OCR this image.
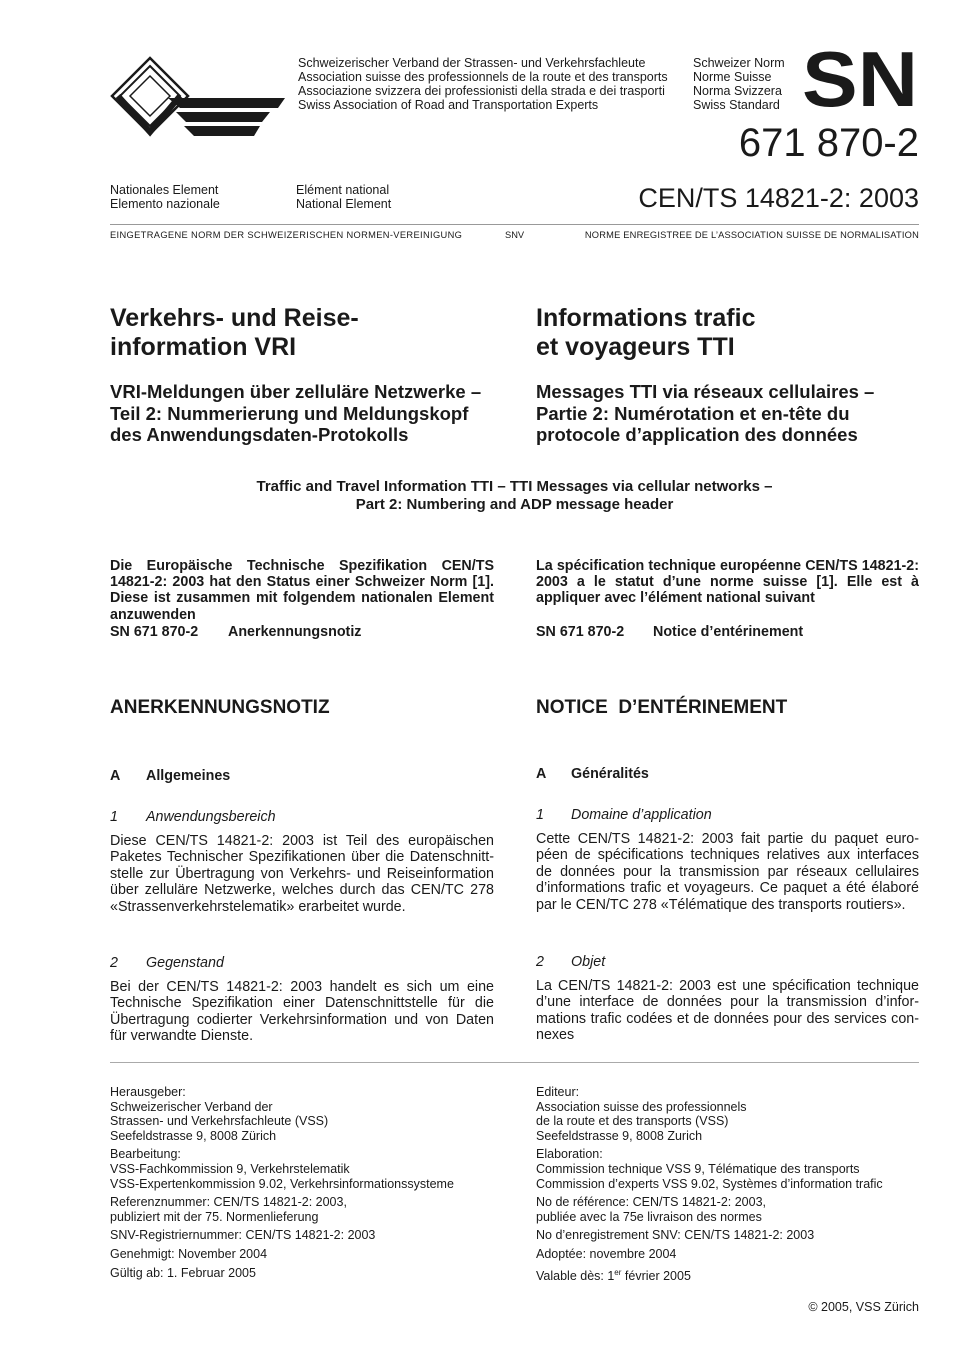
Schweizerischer Verband der Strassen- und Verkehrsfachleute
Association suisse des professionnels de la route et des transports
Associazione svizzera dei professionisti della strada e dei trasporti
Swiss Association of Road and Transportation Experts
Schweizer Norm
Norme Suisse
Norma Svizzera
Swiss Standard SN
671 870-2
CEN/TS 14821-2: 2003
Nationales Element
Elemento nazionale
Elément national
National Element
EINGETRAGENE NORM DER SCHWEIZERISCHEN NORMEN-VEREINIGUNG	SNV	NORME ENREGISTREE DE L’ASSOCIATION SUISSE DE NORMALISATION
Verkehrs- und Reise-
information VRI
Informations trafic
et voyageurs TTI
VRI-Meldungen über zelluläre Netzwerke –
Teil 2: Nummerierung und Meldungskopf
des Anwendungsdaten-Protokolls
Messages TTI via réseaux cellulaires –
Partie 2: Numérotation et en-tête du
protocole d’application des données
Traffic and Travel Information TTI – TTI Messages via cellular networks –
Part 2: Numbering and ADP message header
Die Europäische Technische Spezifikation CEN/TS 14821-2: 2003 hat den Status einer Schweizer Norm [1]. Diese ist zusammen mit folgendem nationalen Element anzuwenden
SN 671 870-2 Anerkennungsnotiz
La spécification technique européenne CEN/TS 14821-2: 2003 a le statut d’une norme suisse [1]. Elle est à appliquer avec l’élément national suivant
SN 671 870-2 Notice d’entérinement
ANERKENNUNGSNOTIZ	NOTICE  D’ENTÉRINEMENT
A Allgemeines	A Généralités
1 Anwendungsbereich
Diese CEN/TS 14821-2: 2003 ist Teil des europäischen Paketes Technischer Spezifikationen über die Datenschnitt-stelle zur Übertragung von Verkehrs- und Reiseinformation über zelluläre Netzwerke, welches durch das CEN/TC 278 «Strassenverkehrstelematik» erarbeitet wurde.
1 Domaine d’application
Cette CEN/TS 14821-2: 2003 fait partie du paquet euro-péen de spécifications techniques relatives aux interfaces de données pour la transmission par réseaux cellulaires d’informations trafic et voyageurs. Ce paquet a été élaboré par le CEN/TC 278 «Télématique des transports routiers».
2 Gegenstand
Bei der CEN/TS 14821-2: 2003 handelt es sich um eine Technische Spezifikation einer Datenschnittstelle für die Übertragung codierter Verkehrsinformation und von Daten für verwandte Dienste.
2 Objet
La CEN/TS 14821-2: 2003 est une spécification technique d’une interface de données pour la transmission d’infor-mations trafic codées et de données pour des services con-nexes
Herausgeber:
Schweizerischer Verband der
Strassen- und Verkehrsfachleute (VSS)
Seefeldstrasse 9, 8008 Zürich
Bearbeitung:
VSS-Fachkommission 9, Verkehrstelematik
VSS-Expertenkommission 9.02, Verkehrsinformationssysteme
Referenznummer: CEN/TS 14821-2: 2003,
publiziert mit der 75. Normenlieferung
SNV-Registriernummer: CEN/TS 14821-2: 2003
Genehmigt: November 2004
Gültig ab: 1. Februar 2005
Editeur:
Association suisse des professionnels
de la route et des transports (VSS)
Seefeldstrasse 9, 8008 Zurich
Elaboration:
Commission technique VSS 9, Télématique des transports
Commission d’experts VSS 9.02, Systèmes d’information trafic
No de référence: CEN/TS 14821-2: 2003,
publiée avec la 75e livraison des normes
No d’enregistrement SNV: CEN/TS 14821-2: 2003
Adoptée: novembre 2004
Valable dès: 1er février 2005
© 2005, VSS Zürich
